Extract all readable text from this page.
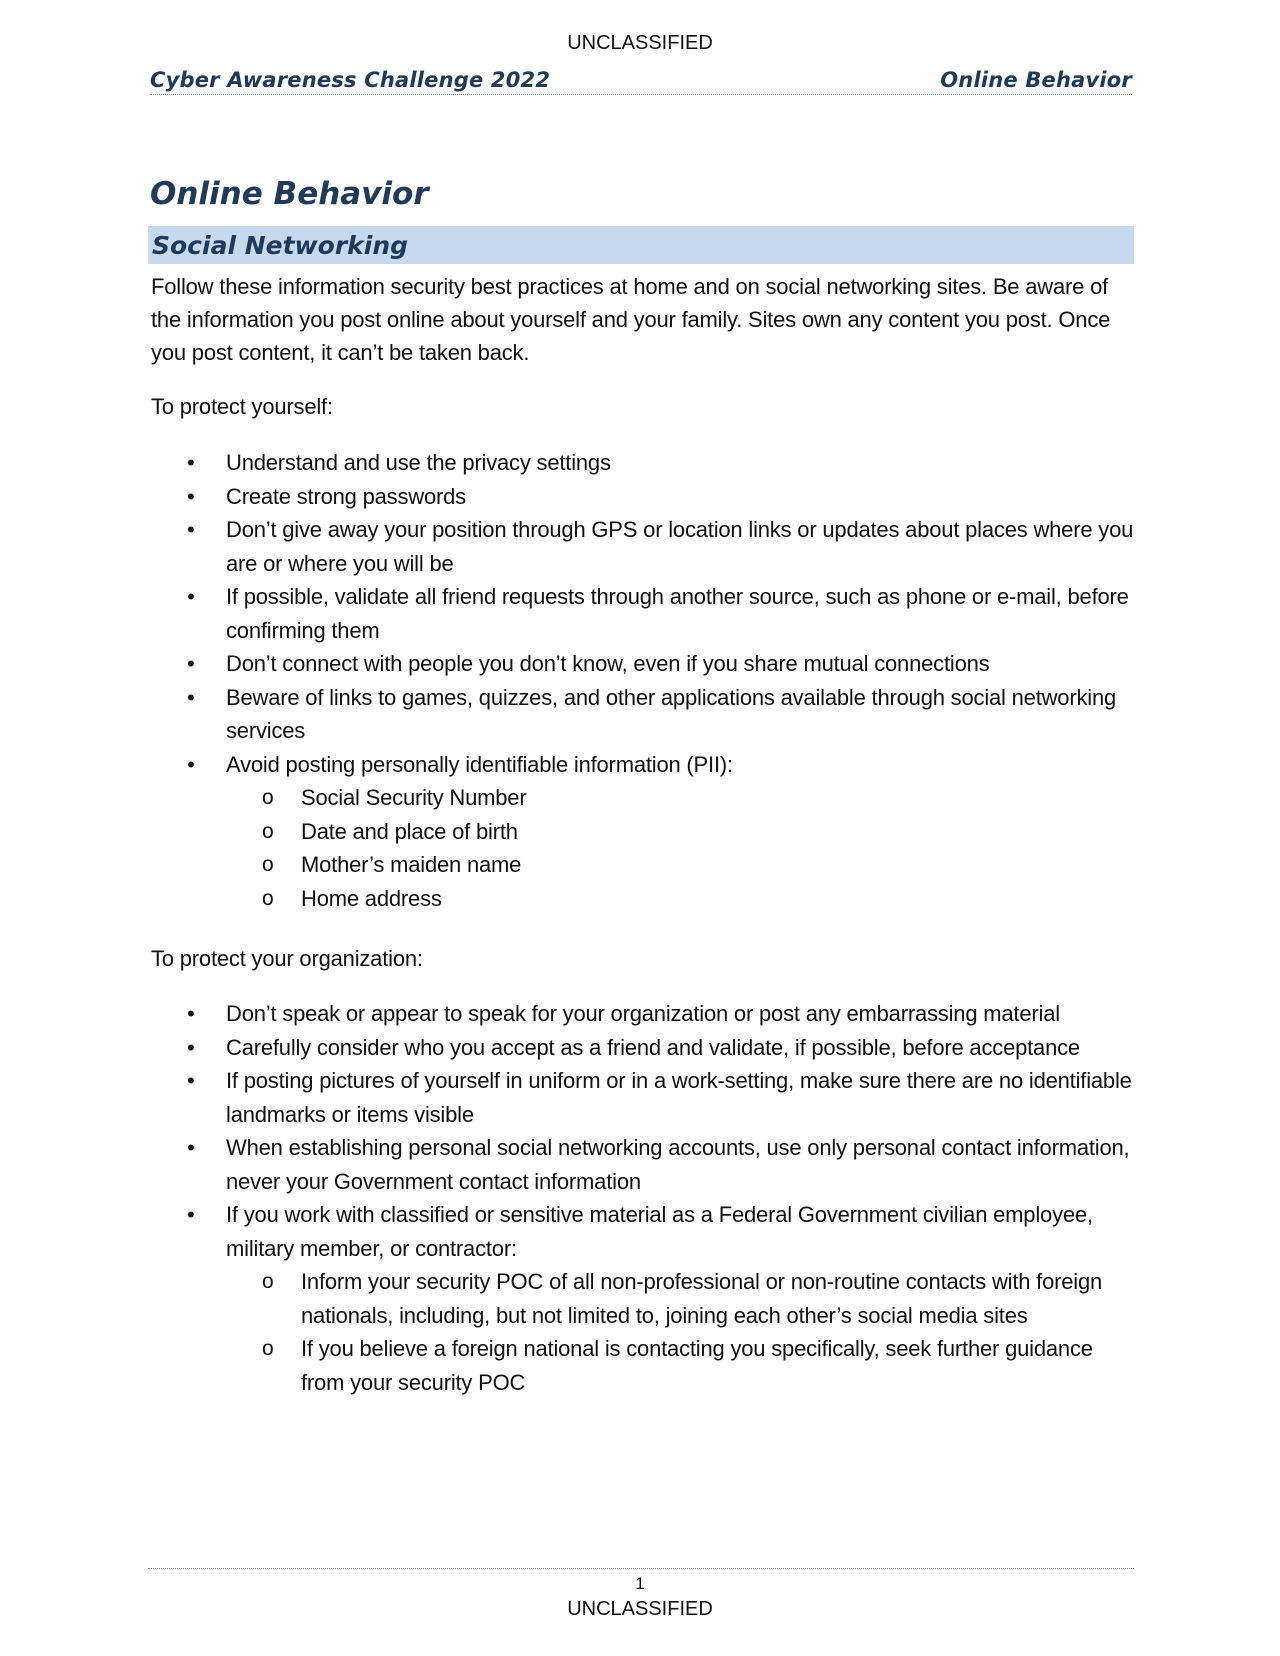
UNCLASSIFIED
Cyber Awareness Challenge 2022	Online Behavior
Online Behavior
Social Networking

Follow these information security best practices at home and on social networking sites. Be aware of the information you post online about yourself and your family. Sites own any content you post. Once you post content, it can’t be taken back.

To protect yourself:

• Understand and use the privacy settings
• Create strong passwords
• Don’t give away your position through GPS or location links or updates about places where you are or where you will be
• If possible, validate all friend requests through another source, such as phone or e-mail, before confirming them
• Don’t connect with people you don’t know, even if you share mutual connections
• Beware of links to games, quizzes, and other applications available through social networking services
• Avoid posting personally identifiable information (PII):
o Social Security Number
o Date and place of birth
o Mother’s maiden name
o Home address

To protect your organization:

• Don’t speak or appear to speak for your organization or post any embarrassing material
• Carefully consider who you accept as a friend and validate, if possible, before acceptance
• If posting pictures of yourself in uniform or in a work-setting, make sure there are no identifiable landmarks or items visible
• When establishing personal social networking accounts, use only personal contact information, never your Government contact information
• If you work with classified or sensitive material as a Federal Government civilian employee, military member, or contractor:
o Inform your security POC of all non-professional or non-routine contacts with foreign nationals, including, but not limited to, joining each other’s social media sites
o If you believe a foreign national is contacting you specifically, seek further guidance from your security POC
1
UNCLASSIFIED
